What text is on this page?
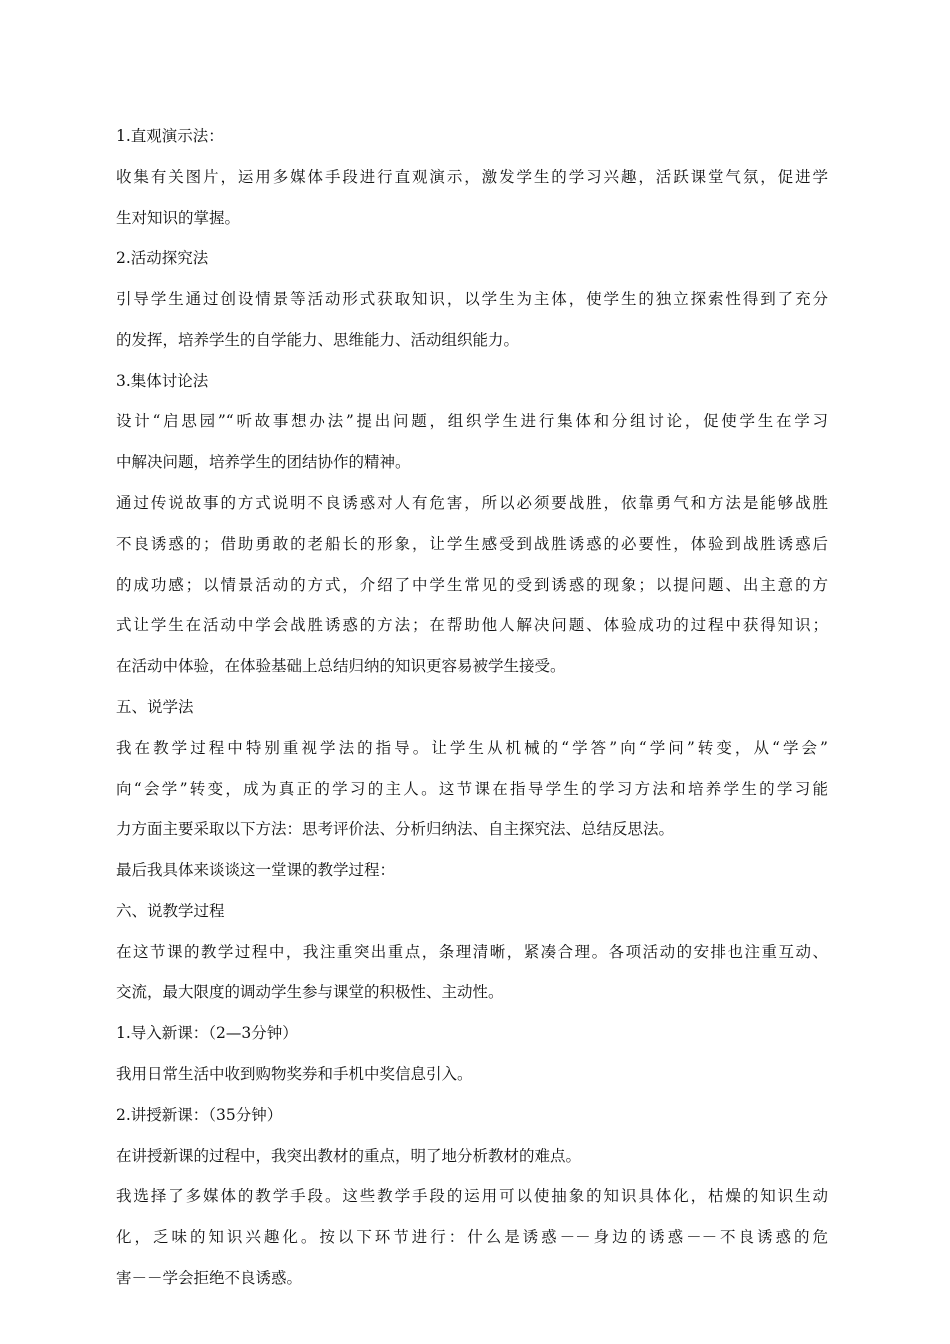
1.直观演示法：
收集有关图片，运用多媒体手段进行直观演示，激发学生的学习兴趣，活跃课堂气氛，促进学
生对知识的掌握。
2.活动探究法
引导学生通过创设情景等活动形式获取知识，以学生为主体，使学生的独立探索性得到了充分
的发挥，培养学生的自学能力、思维能力、活动组织能力。
3.集体讨论法
设计“启思园”“听故事想办法”提出问题，组织学生进行集体和分组讨论，促使学生在学习
中解决问题，培养学生的团结协作的精神。
通过传说故事的方式说明不良诱惑对人有危害，所以必须要战胜，依靠勇气和方法是能够战胜
不良诱惑的；借助勇敢的老船长的形象，让学生感受到战胜诱惑的必要性，体验到战胜诱惑后
的成功感；以情景活动的方式，介绍了中学生常见的受到诱惑的现象；以提问题、出主意的方
式让学生在活动中学会战胜诱惑的方法；在帮助他人解决问题、体验成功的过程中获得知识；
在活动中体验，在体验基础上总结归纳的知识更容易被学生接受。
五、说学法
我在教学过程中特别重视学法的指导。让学生从机械的“学答”向“学问”转变，从“学会”
向“会学”转变，成为真正的学习的主人。这节课在指导学生的学习方法和培养学生的学习能
力方面主要采取以下方法：思考评价法、分析归纳法、自主探究法、总结反思法。
最后我具体来谈谈这一堂课的教学过程：
六、说教学过程
在这节课的教学过程中，我注重突出重点，条理清晰，紧凑合理。各项活动的安排也注重互动、
交流，最大限度的调动学生参与课堂的积极性、主动性。
1.导入新课：（2—3分钟）
我用日常生活中收到购物奖券和手机中奖信息引入。
2.讲授新课：（35分钟）
在讲授新课的过程中，我突出教材的重点，明了地分析教材的难点。
我选择了多媒体的教学手段。这些教学手段的运用可以使抽象的知识具体化，枯燥的知识生动
化，乏味的知识兴趣化。按以下环节进行：什么是诱惑－－身边的诱惑－－不良诱惑的危
害－－学会拒绝不良诱惑。
